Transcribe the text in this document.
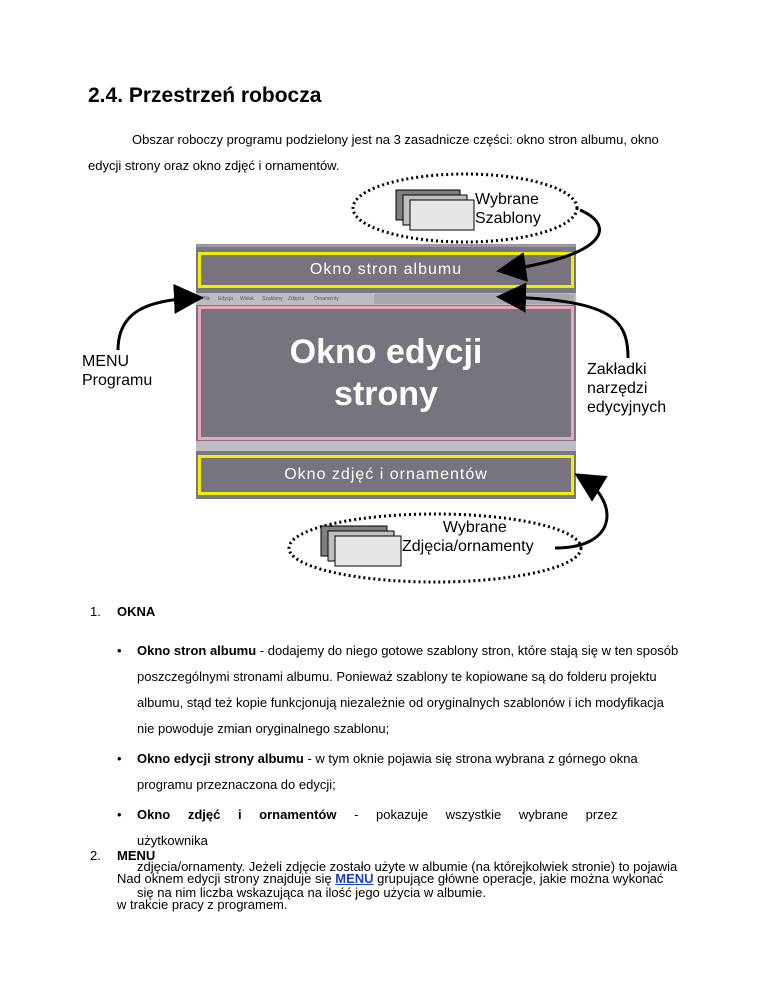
2.4. Przestrzeń robocza
Obszar roboczy programu podzielony jest na 3 zasadnicze części: okno stron albumu, okno
edycji strony oraz okno zdjęć i ornamentów.
Okno stron albumu
Plik Edycja Widok Szablony Zdjęcia Ornamenty
Okno edycji
strony
Okno zdjęć i ornamentów
Wybrane
Szablony
Wybrane
Zdjęcia/ornamenty
MENU
Programu
Zakładki
narzędzi
edycyjnych
1. OKNA
• Okno stron albumu - dodajemy do niego gotowe szablony stron, które stają się w ten sposób
poszczególnymi stronami albumu. Ponieważ szablony te kopiowane są do folderu projektu
albumu, stąd też kopie funkcjonują niezależnie od oryginalnych szablonów i ich modyfikacja
nie powoduje zmian oryginalnego szablonu;
• Okno edycji strony albumu - w tym oknie pojawia się strona wybrana z górnego okna
programu przeznaczona do edycji;
• Okno zdjęć i ornamentów - pokazuje wszystkie wybrane przez użytkownika
zdjęcia/ornamenty. Jeżeli zdjęcie zostało użyte w albumie (na którejkolwiek stronie) to pojawia
się na nim liczba wskazująca na ilość jego użycia w albumie.
2. MENU
Nad oknem edycji strony znajduje się MENU grupujące główne operacje, jakie można wykonać
w trakcie pracy z programem.
